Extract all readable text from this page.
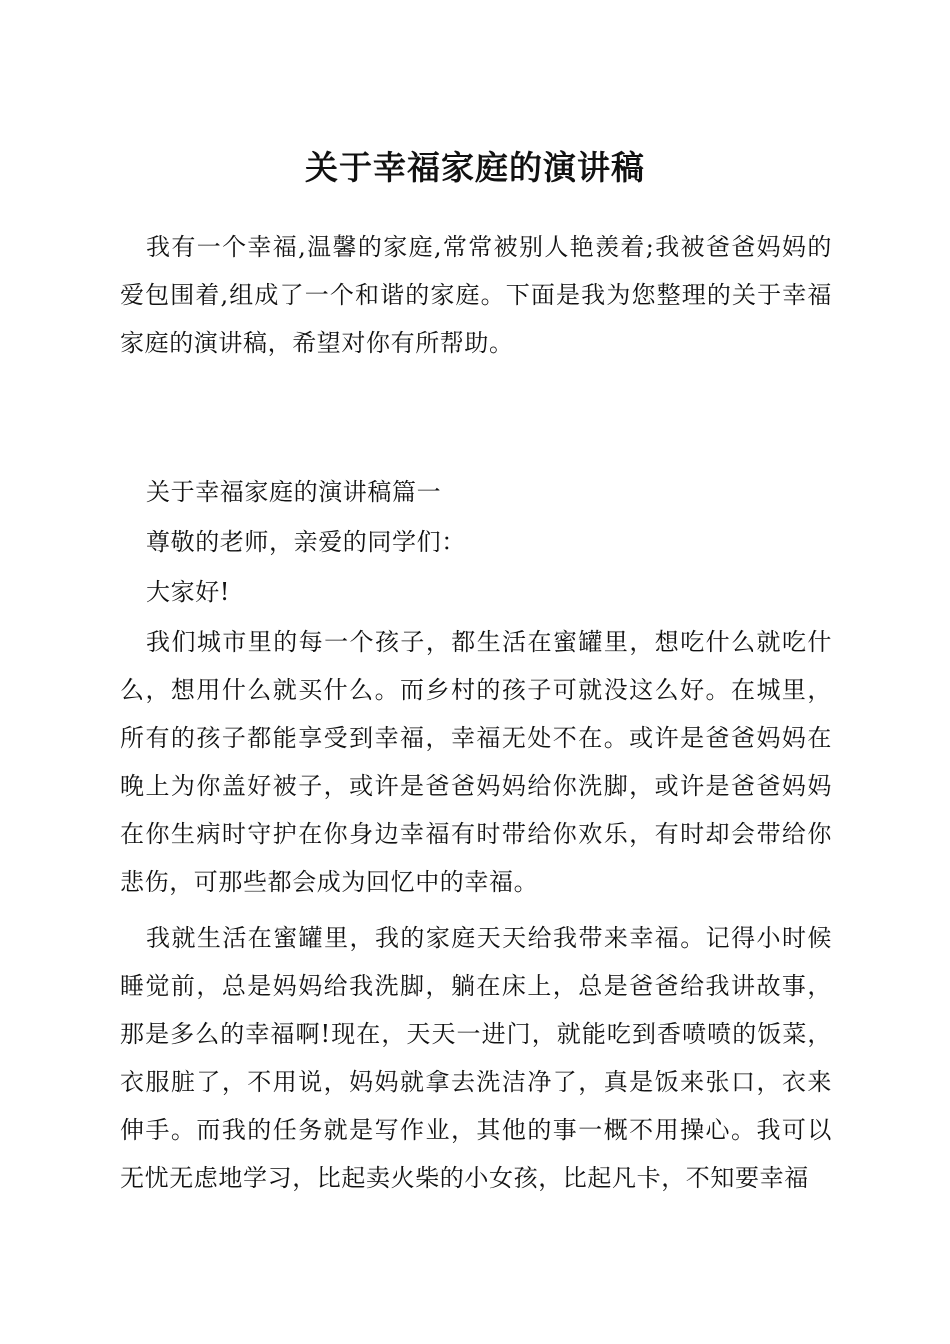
关于幸福家庭的演讲稿

我有一个幸福,温馨的家庭,常常被别人艳羡着;我被爸爸妈妈的爱包围着,组成了一个和谐的家庭。下面是我为您整理的关于幸福家庭的演讲稿，希望对你有所帮助。

关于幸福家庭的演讲稿篇一

尊敬的老师，亲爱的同学们：

大家好!

我们城市里的每一个孩子，都生活在蜜罐里，想吃什么就吃什么，想用什么就买什么。而乡村的孩子可就没这么好。在城里，所有的孩子都能享受到幸福，幸福无处不在。或许是爸爸妈妈在晚上为你盖好被子，或许是爸爸妈妈给你洗脚，或许是爸爸妈妈在你生病时守护在你身边幸福有时带给你欢乐，有时却会带给你悲伤，可那些都会成为回忆中的幸福。

我就生活在蜜罐里，我的家庭天天给我带来幸福。记得小时候睡觉前，总是妈妈给我洗脚，躺在床上，总是爸爸给我讲故事，那是多么的幸福啊!现在，天天一进门，就能吃到香喷喷的饭菜，衣服脏了，不用说，妈妈就拿去洗洁净了，真是饭来张口，衣来伸手。而我的任务就是写作业，其他的事一概不用操心。我可以无忧无虑地学习，比起卖火柴的小女孩，比起凡卡，不知要幸福
